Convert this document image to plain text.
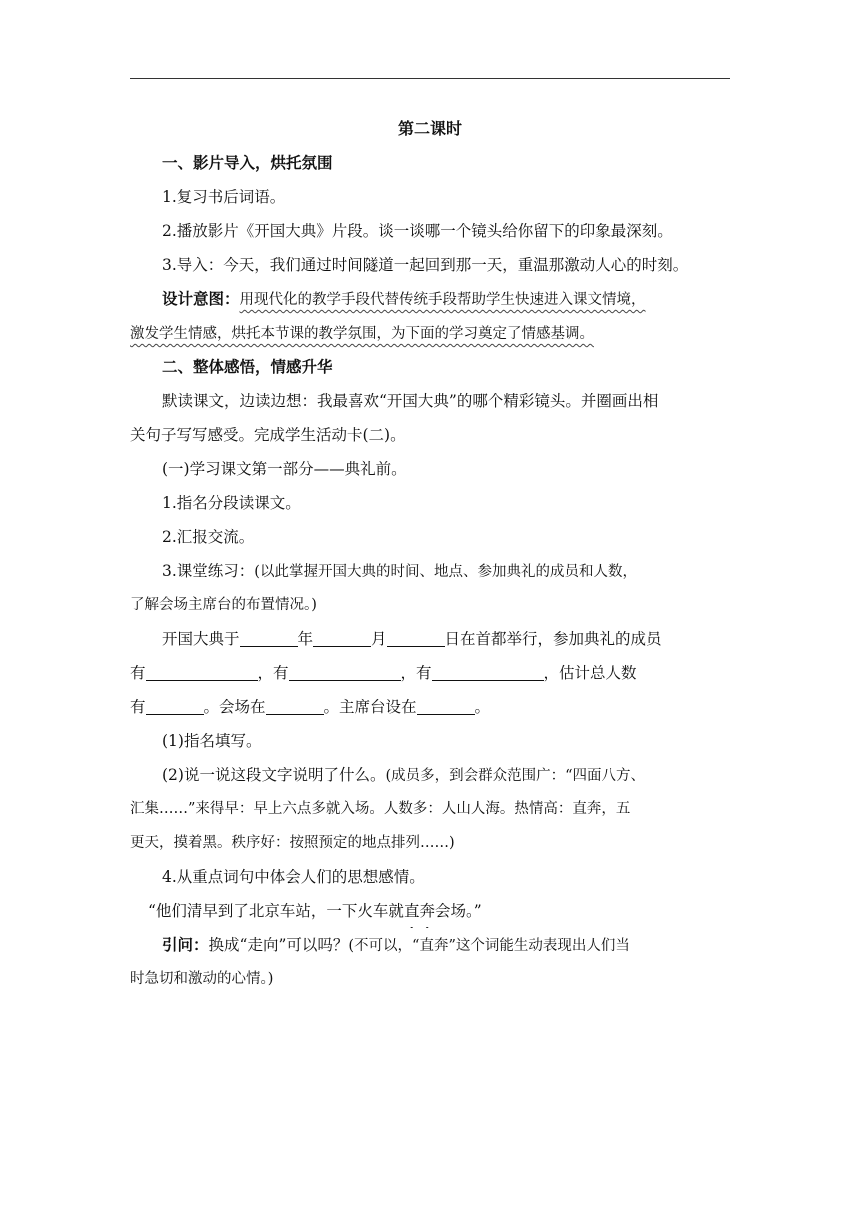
第二课时
一、影片导入，烘托氛围
1.复习书后词语。
2.播放影片《开国大典》片段。谈一谈哪一个镜头给你留下的印象最深刻。
3.导入：今天，我们通过时间隧道一起回到那一天，重温那激动人心的时刻。
设计意图：用现代化的教学手段代替传统手段帮助学生快速进入课文情境，
激发学生情感，烘托本节课的教学氛围，为下面的学习奠定了情感基调。
二、整体感悟，情感升华
默读课文，边读边想：我最喜欢“开国大典”的哪个精彩镜头。并圈画出相
关句子写写感受。完成学生活动卡(二)。
(一)学习课文第一部分——典礼前。
1.指名分段读课文。
2.汇报交流。
3.课堂练习：(以此掌握开国大典的时间、地点、参加典礼的成员和人数，
了解会场主席台的布置情况。)
开国大典于	年	月	日在首都举行，参加典礼的成员
有	，有	，有	，估计总人数
有	。会场在	。主席台设在	。
(1)指名填写。
(2)说一说这段文字说明了什么。(成员多，到会群众范围广：“四面八方、
汇集……”来得早：早上六点多就入场。人数多：人山人海。热情高：直奔，五
更天，摸着黑。秩序好：按照预定的地点排列……)
4.从重点词句中体会人们的思想感情。
“他们清早到了北京车站，一下火车就直奔会场。”
引问：换成“走向”可以吗？(不可以，“直奔”这个词能生动表现出人们当
时急切和激动的心情。)
